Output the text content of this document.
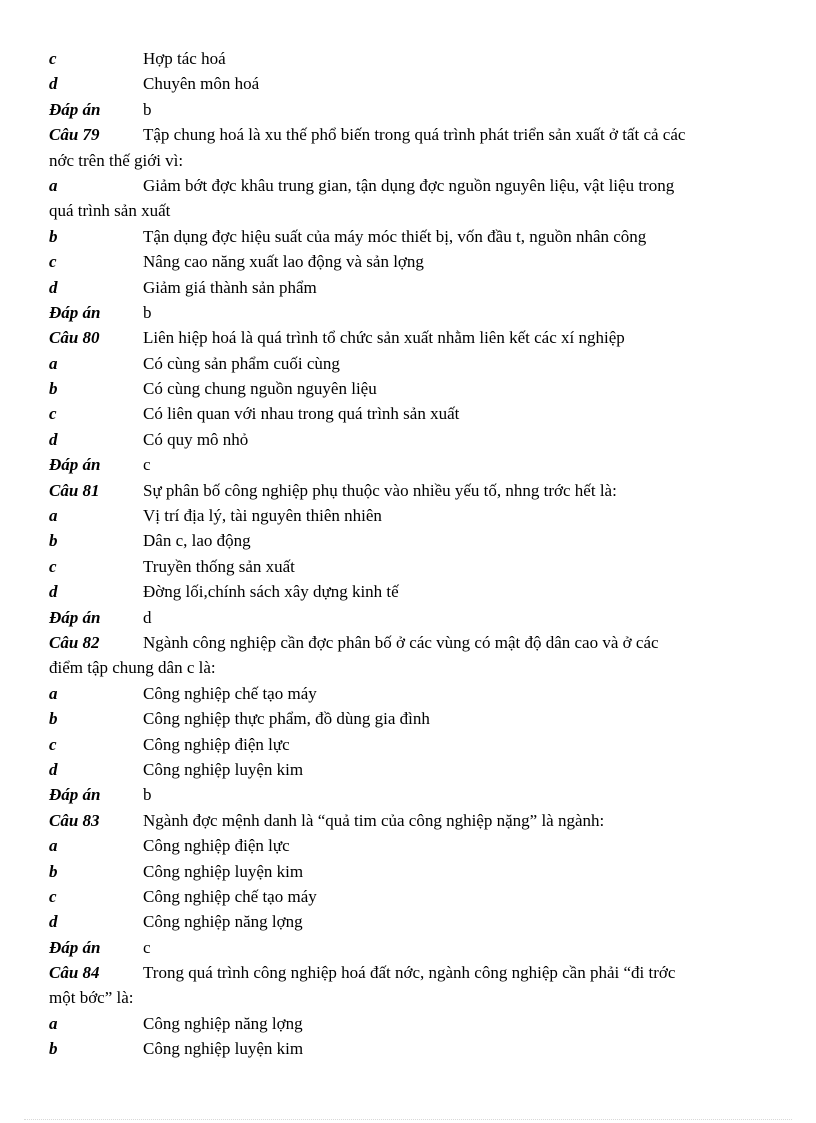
c	Hợp tác hoá
d	Chuyên môn hoá
Đáp án	b
Câu 79	Tập chung hoá là xu thế phổ biến trong quá trình phát triển sản xuất ở tất cả các
nớc trên thế giới vì:
a	Giảm bớt đợc khâu trung gian, tận dụng đợc nguồn nguyên liệu, vật liệu trong
quá trình sản xuất
b	Tận dụng đợc hiệu suất của máy móc thiết bị, vốn đầu t, nguồn nhân công
c	Nâng cao năng xuất lao động và sản lợng
d	Giảm giá thành sản phẩm
Đáp án	b
Câu 80	Liên hiệp hoá là quá trình tổ chức sản xuất nhằm liên kết các xí nghiệp
a	Có cùng sản phẩm cuối cùng
b	Có cùng chung nguồn nguyên liệu
c	Có liên quan với nhau trong quá trình sản xuất
d	Có quy mô nhỏ
Đáp án	c
Câu 81	Sự phân bố công nghiệp phụ thuộc vào nhiều yếu tố, nhng trớc hết là:
a	Vị trí địa lý, tài nguyên thiên nhiên
b	Dân c, lao động
c	Truyền thống sản xuất
d	Đờng lối,chính sách xây dựng kinh tế
Đáp án	d
Câu 82	Ngành công nghiệp cần đợc phân bố ở các vùng có mật độ dân cao và ở các
điểm tập chung dân c là:
a	Công nghiệp chế tạo máy
b	Công nghiệp thực phẩm, đồ dùng gia đình
c	Công nghiệp điện lực
d	Công nghiệp luyện kim
Đáp án	b
Câu 83	Ngành đợc mệnh danh là “quả tim của công nghiệp nặng” là ngành:
a	Công nghiệp điện lực
b	Công nghiệp luyện kim
c	Công nghiệp chế tạo máy
d	Công nghiệp năng lợng
Đáp án	c
Câu 84	Trong quá trình công nghiệp hoá đất nớc, ngành công nghiệp cần phải “đi trớc
một bớc” là:
a	Công nghiệp năng lợng
b	Công nghiệp luyện kim
